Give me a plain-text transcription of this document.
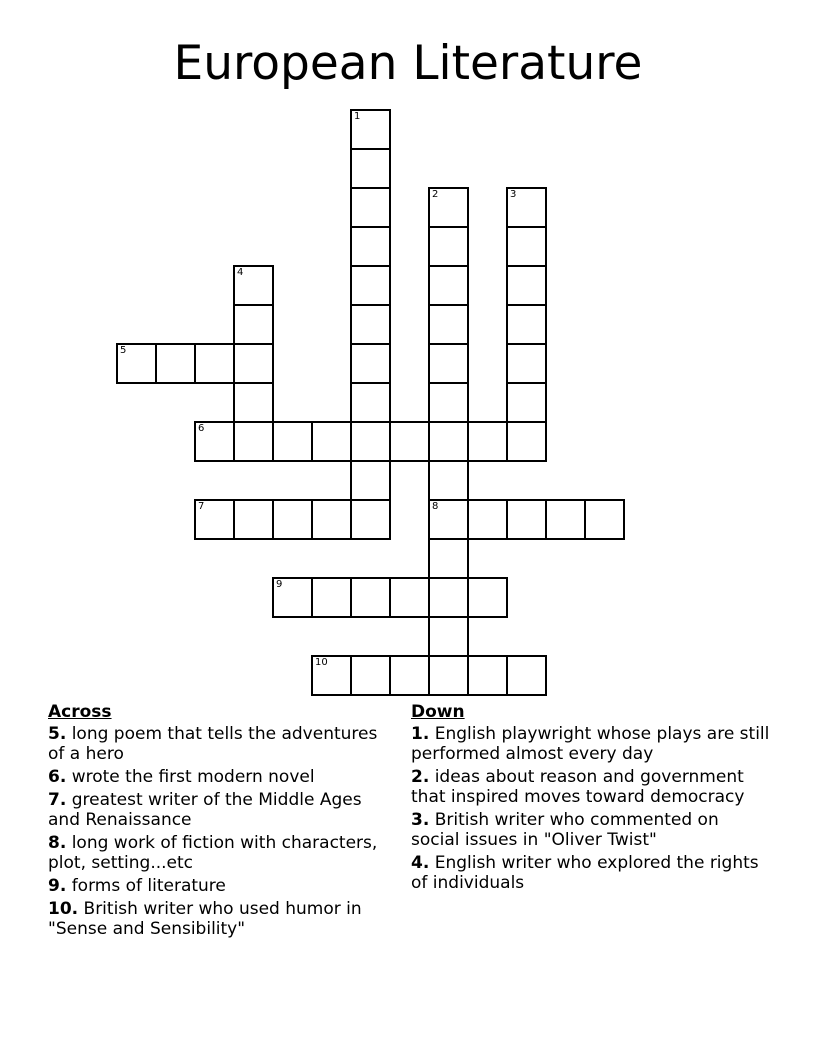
European Literature
1
2
8
3
4
5
6
7
9
10
Across
5. long poem that tells the adventures of a hero
6. wrote the first modern novel
7. greatest writer of the Middle Ages and Renaissance
8. long work of fiction with characters, plot, setting...etc
9. forms of literature
10. British writer who used humor in "Sense and Sensibility"
Down
1. English playwright whose plays are still performed almost every day
2. ideas about reason and government that inspired moves toward democracy
3. British writer who commented on social issues in "Oliver Twist"
4. English writer who explored the rights of individuals
